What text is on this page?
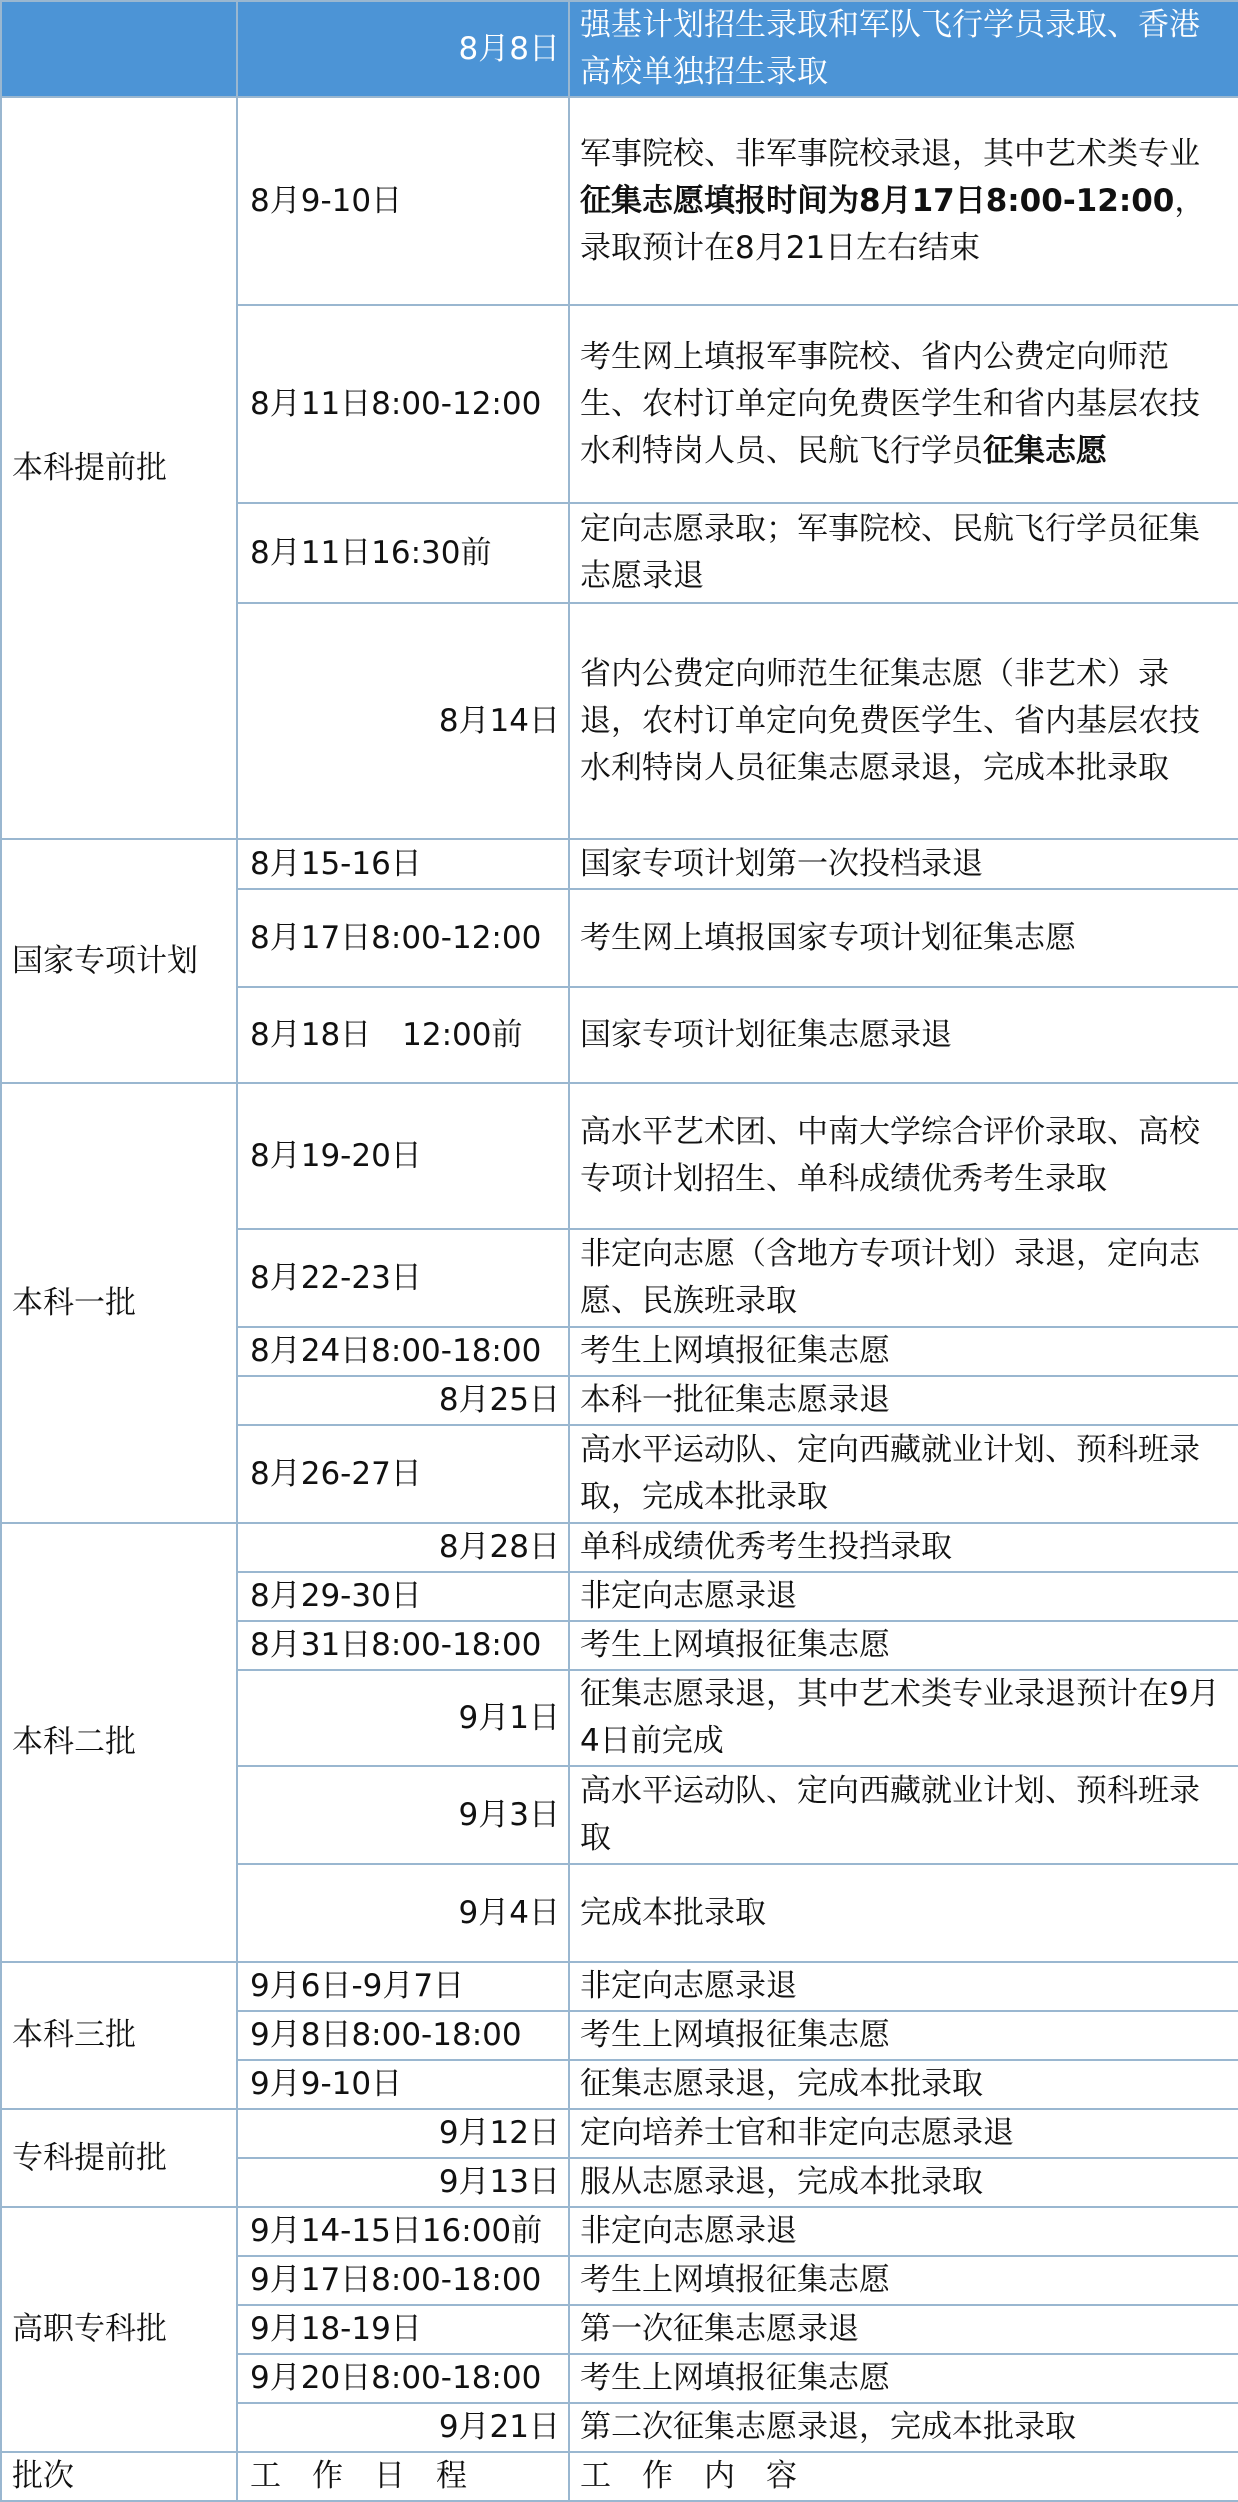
	8月8日	强基计划招生录取和军队飞行学员录取、香港高校单独招生录取
本科提前批	8月9-10日	军事院校、非军事院校录退，其中艺术类专业征集志愿填报时间为8月17日8:00-12:00，录取预计在8月21日左右结束
	8月11日8:00-12:00	考生网上填报军事院校、省内公费定向师范生、农村订单定向免费医学生和省内基层农技水利特岗人员、民航飞行学员征集志愿
	8月11日16:30前	定向志愿录取；军事院校、民航飞行学员征集志愿录退
	8月14日	省内公费定向师范生征集志愿（非艺术）录退，农村订单定向免费医学生、省内基层农技水利特岗人员征集志愿录退，完成本批录取
国家专项计划	8月15-16日	国家专项计划第一次投档录退
	8月17日8:00-12:00	考生网上填报国家专项计划征集志愿
	8月18日　12:00前	国家专项计划征集志愿录退
本科一批	8月19-20日	高水平艺术团、中南大学综合评价录取、高校专项计划招生、单科成绩优秀考生录取
	8月22-23日	非定向志愿（含地方专项计划）录退，定向志愿、民族班录取
	8月24日8:00-18:00	考生上网填报征集志愿
	8月25日	本科一批征集志愿录退
	8月26-27日	高水平运动队、定向西藏就业计划、预科班录取，完成本批录取
本科二批	8月28日	单科成绩优秀考生投挡录取
	8月29-30日	非定向志愿录退
	8月31日8:00-18:00	考生上网填报征集志愿
	9月1日	征集志愿录退，其中艺术类专业录退预计在9月4日前完成
	9月3日	高水平运动队、定向西藏就业计划、预科班录取
	9月4日	完成本批录取
本科三批	9月6日-9月7日	非定向志愿录退
	9月8日8:00-18:00	考生上网填报征集志愿
	9月9-10日	征集志愿录退，完成本批录取
专科提前批	9月12日	定向培养士官和非定向志愿录退
	9月13日	服从志愿录退，完成本批录取
高职专科批	9月14-15日16:00前	非定向志愿录退
	9月17日8:00-18:00	考生上网填报征集志愿
	9月18-19日	第一次征集志愿录退
	9月20日8:00-18:00	考生上网填报征集志愿
	9月21日	第二次征集志愿录退，完成本批录取
批次	工　作　日　程	工　作　内　容
